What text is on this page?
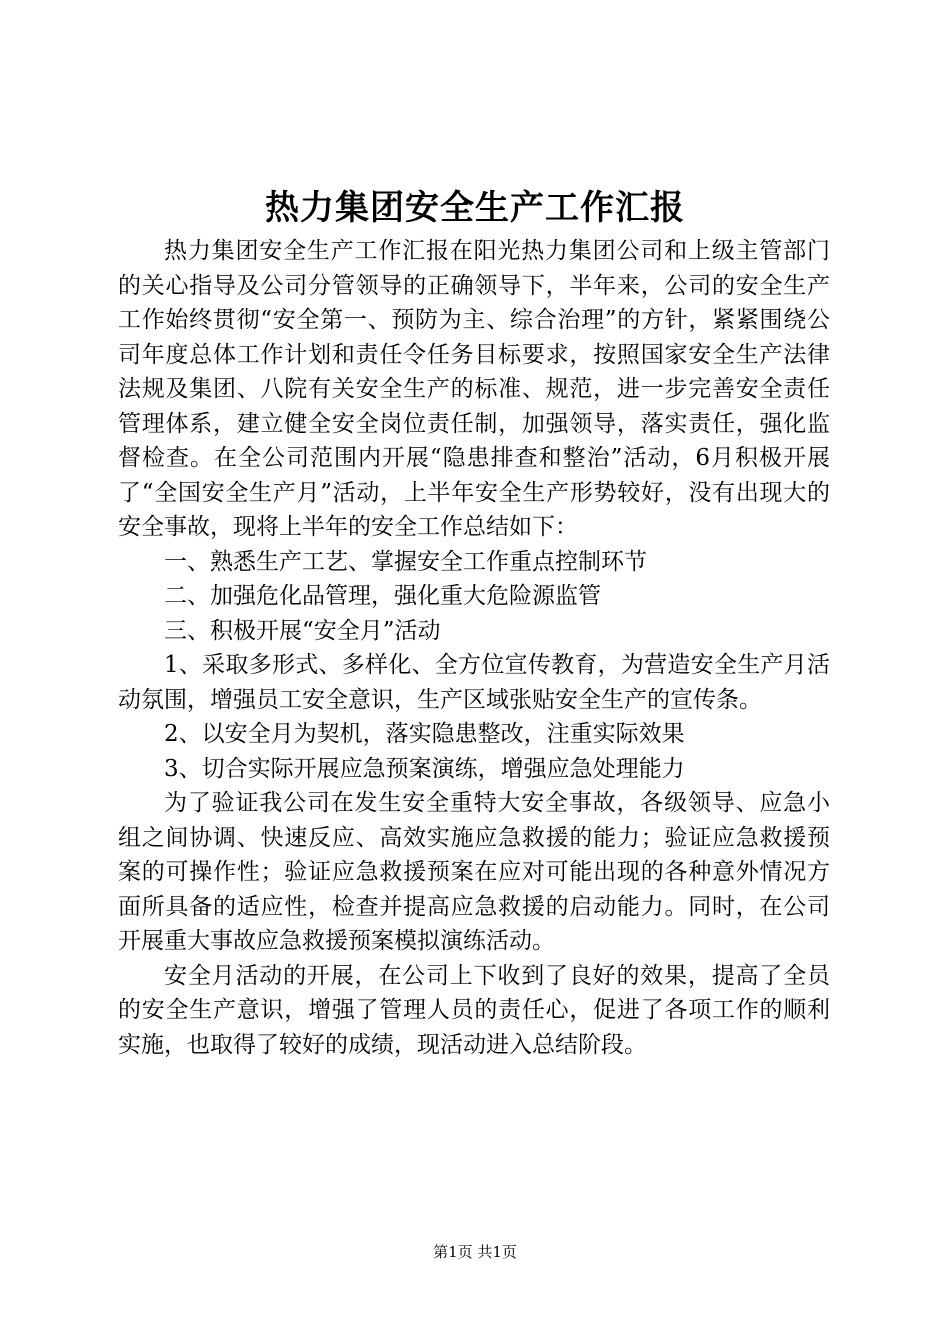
热力集团安全生产工作汇报

热力集团安全生产工作汇报在阳光热力集团公司和上级主管部门的关心指导及公司分管领导的正确领导下，半年来，公司的安全生产工作始终贯彻“安全第一、预防为主、综合治理”的方针，紧紧围绕公司年度总体工作计划和责任令任务目标要求，按照国家安全生产法律法规及集团、八院有关安全生产的标准、规范，进一步完善安全责任管理体系，建立健全安全岗位责任制，加强领导，落实责任，强化监督检查。在全公司范围内开展“隐患排查和整治”活动，6月积极开展了“全国安全生产月”活动，上半年安全生产形势较好，没有出现大的安全事故，现将上半年的安全工作总结如下：

一、熟悉生产工艺、掌握安全工作重点控制环节

二、加强危化品管理，强化重大危险源监管

三、积极开展“安全月”活动

1、采取多形式、多样化、全方位宣传教育，为营造安全生产月活动氛围，增强员工安全意识，生产区域张贴安全生产的宣传条。

2、以安全月为契机，落实隐患整改，注重实际效果

3、切合实际开展应急预案演练，增强应急处理能力

为了验证我公司在发生安全重特大安全事故，各级领导、应急小组之间协调、快速反应、高效实施应急救援的能力；验证应急救援预案的可操作性；验证应急救援预案在应对可能出现的各种意外情况方面所具备的适应性，检查并提高应急救援的启动能力。同时，在公司开展重大事故应急救援预案模拟演练活动。

安全月活动的开展，在公司上下收到了良好的效果，提高了全员的安全生产意识，增强了管理人员的责任心，促进了各项工作的顺利实施，也取得了较好的成绩，现活动进入总结阶段。

第1页 共1页
